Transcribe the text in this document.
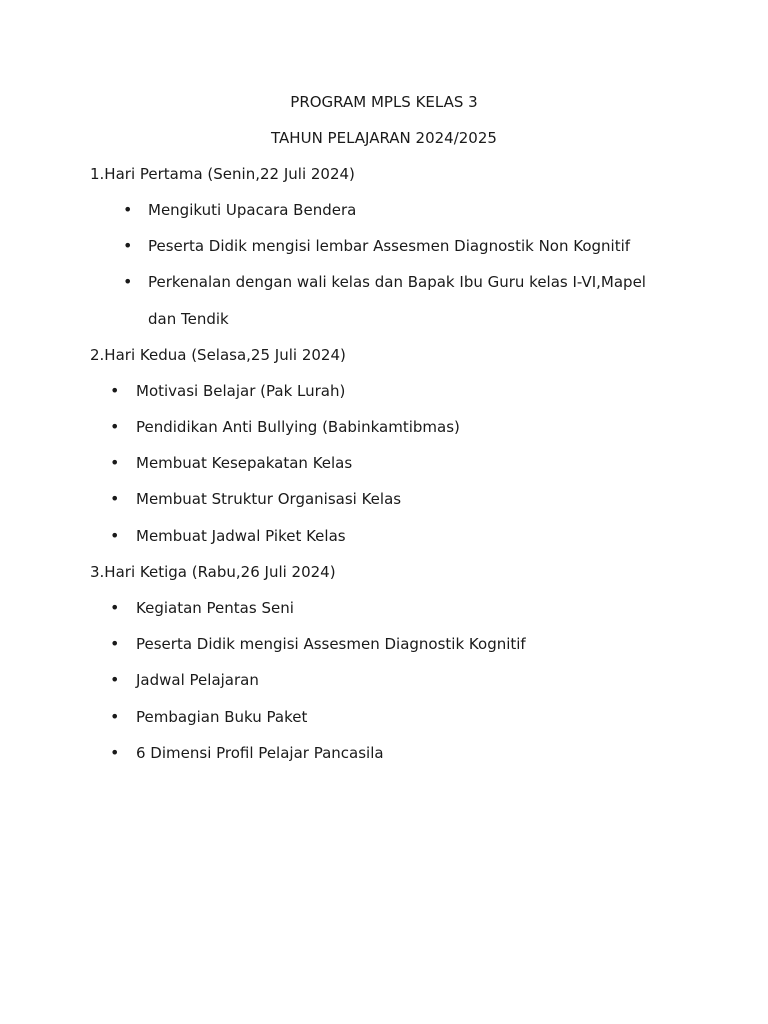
PROGRAM MPLS KELAS 3
TAHUN PELAJARAN 2024/2025
1.Hari Pertama (Senin,22 Juli 2024)
• Mengikuti Upacara Bendera
• Peserta Didik mengisi lembar Assesmen Diagnostik Non Kognitif
• Perkenalan dengan wali kelas dan Bapak Ibu Guru kelas I-VI,Mapel
dan Tendik
2.Hari Kedua (Selasa,25 Juli 2024)
• Motivasi Belajar (Pak Lurah)
• Pendidikan Anti Bullying (Babinkamtibmas)
• Membuat Kesepakatan Kelas
• Membuat Struktur Organisasi Kelas
• Membuat Jadwal Piket Kelas
3.Hari Ketiga (Rabu,26 Juli 2024)
• Kegiatan Pentas Seni
• Peserta Didik mengisi Assesmen Diagnostik Kognitif
• Jadwal Pelajaran
• Pembagian Buku Paket
• 6 Dimensi Profil Pelajar Pancasila
